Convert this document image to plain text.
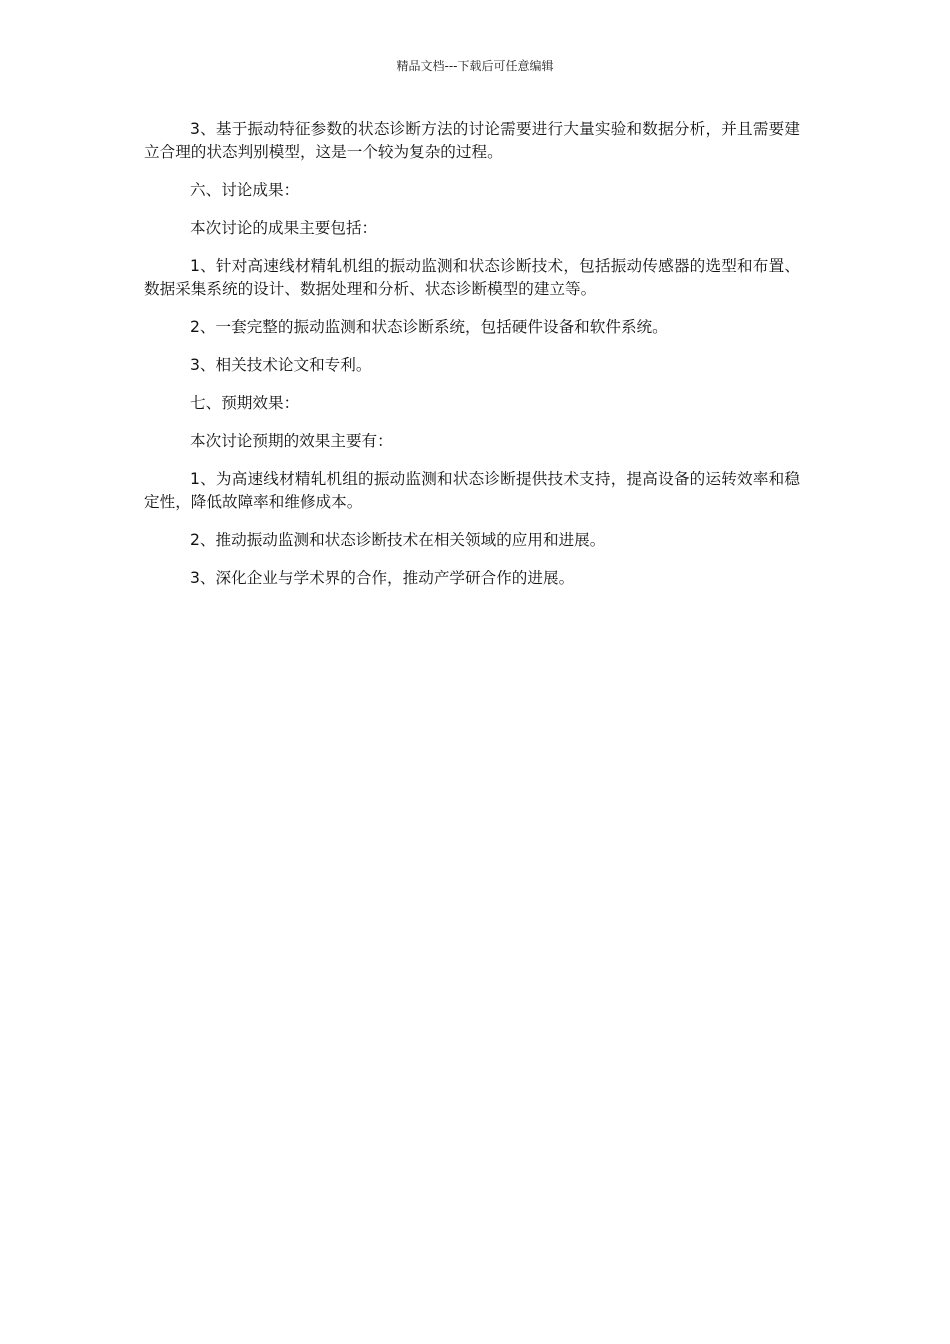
精品文档---下载后可任意编辑

3、基于振动特征参数的状态诊断方法的讨论需要进行大量实验和数据分析，并且需要建立合理的状态判别模型，这是一个较为复杂的过程。

六、讨论成果：

本次讨论的成果主要包括：

1、针对高速线材精轧机组的振动监测和状态诊断技术，包括振动传感器的选型和布置、数据采集系统的设计、数据处理和分析、状态诊断模型的建立等。

2、一套完整的振动监测和状态诊断系统，包括硬件设备和软件系统。

3、相关技术论文和专利。

七、预期效果：

本次讨论预期的效果主要有：

1、为高速线材精轧机组的振动监测和状态诊断提供技术支持，提高设备的运转效率和稳定性，降低故障率和维修成本。

2、推动振动监测和状态诊断技术在相关领域的应用和进展。

3、深化企业与学术界的合作，推动产学研合作的进展。
